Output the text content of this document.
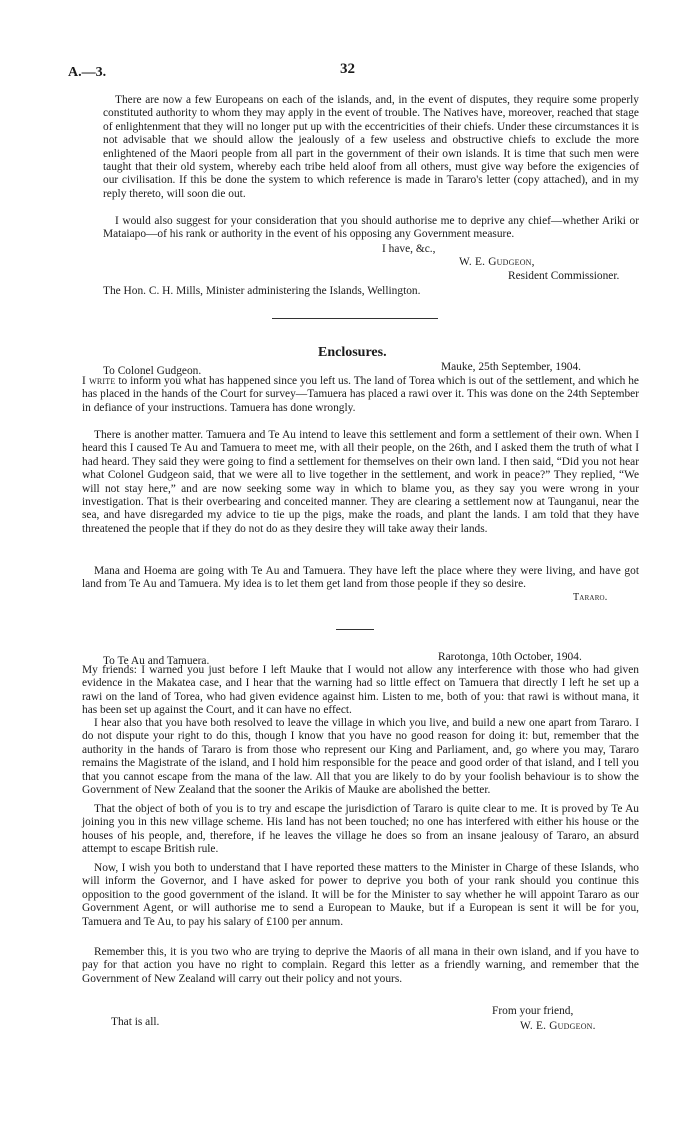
A.—3.	32
There are now a few Europeans on each of the islands, and, in the event of disputes, they require some properly constituted authority to whom they may apply in the event of trouble. The Natives have, moreover, reached that stage of enlightenment that they will no longer put up with the eccentricities of their chiefs. Under these circumstances it is not advisable that we should allow the jealously of a few useless and obstructive chiefs to exclude the more enlightened of the Maori people from all part in the government of their own islands. It is time that such men were taught that their old system, whereby each tribe held aloof from all others, must give way before the exigencies of our civilisation. If this be done the system to which reference is made in Tararo's letter (copy attached), and in my reply thereto, will soon die out.
I would also suggest for your consideration that you should authorise me to deprive any chief—whether Ariki or Mataiapo—of his rank or authority in the event of his opposing any Government measure.
I have, &c.,
W. E. Gudgeon,
Resident Commissioner.
The Hon. C. H. Mills, Minister administering the Islands, Wellington.
Enclosures.
To Colonel Gudgeon.	Mauke, 25th September, 1904.
I write to inform you what has happened since you left us. The land of Torea which is out of the settlement, and which he has placed in the hands of the Court for survey—Tamuera has placed a rawi over it. This was done on the 24th September in defiance of your instructions. Tamuera has done wrongly.
There is another matter. Tamuera and Te Au intend to leave this settlement and form a settlement of their own. When I heard this I caused Te Au and Tamuera to meet me, with all their people, on the 26th, and I asked them the truth of what I had heard. They said they were going to find a settlement for themselves on their own land. I then said, “Did you not hear what Colonel Gudgeon said, that we were all to live together in the settlement, and work in peace?” They replied, “We will not stay here,” and are now seeking some way in which to blame you, as they say you were wrong in your investigation. That is their overbearing and conceited manner. They are clearing a settlement now at Taunganui, near the sea, and have disregarded my advice to tie up the pigs, make the roads, and plant the lands. I am told that they have threatened the people that if they do not do as they desire they will take away their lands.
Mana and Hoema are going with Te Au and Tamuera. They have left the place where they were living, and have got land from Te Au and Tamuera. My idea is to let them get land from those people if they so desire.
Tararo.
To Te Au and Tamuera.	Rarotonga, 10th October, 1904.
My friends: I warned you just before I left Mauke that I would not allow any interference with those who had given evidence in the Makatea case, and I hear that the warning had so little effect on Tamuera that directly I left he set up a rawi on the land of Torea, who had given evidence against him. Listen to me, both of you: that rawi is without mana, it has been set up against the Court, and it can have no effect.
I hear also that you have both resolved to leave the village in which you live, and build a new one apart from Tararo. I do not dispute your right to do this, though I know that you have no good reason for doing it: but, remember that the authority in the hands of Tararo is from those who represent our King and Parliament, and, go where you may, Tararo remains the Magistrate of the island, and I hold him responsible for the peace and good order of that island, and I tell you that you cannot escape from the mana of the law. All that you are likely to do by your foolish behaviour is to show the Government of New Zealand that the sooner the Arikis of Mauke are abolished the better.
That the object of both of you is to try and escape the jurisdiction of Tararo is quite clear to me. It is proved by Te Au joining you in this new village scheme. His land has not been touched; no one has interfered with either his house or the houses of his people, and, therefore, if he leaves the village he does so from an insane jealousy of Tararo, an absurd attempt to escape British rule.
Now, I wish you both to understand that I have reported these matters to the Minister in Charge of these Islands, who will inform the Governor, and I have asked for power to deprive you both of your rank should you continue this opposition to the good government of the island. It will be for the Minister to say whether he will appoint Tararo as our Government Agent, or will authorise me to send a European to Mauke, but if a European is sent it will be for you, Tamuera and Te Au, to pay his salary of £100 per annum.
Remember this, it is you two who are trying to deprive the Maoris of all mana in their own island, and if you have to pay for that action you have no right to complain. Regard this letter as a friendly warning, and remember that the Government of New Zealand will carry out their policy and not yours.
That is all.
From your friend,
W. E. Gudgeon.
